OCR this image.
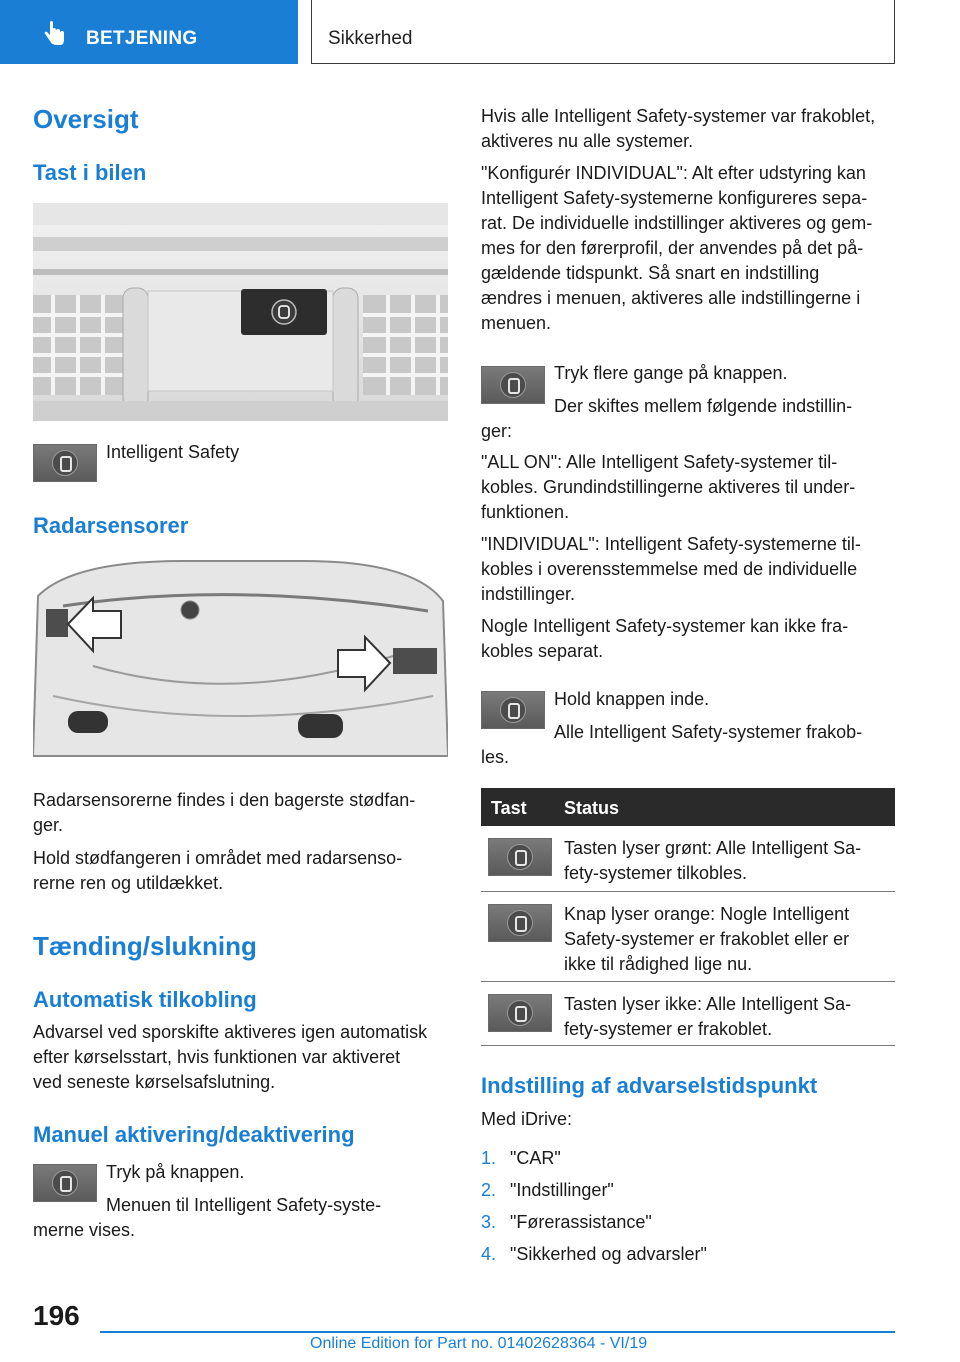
BETJENING	Sikkerhed
Oversigt
Tast i bilen
Intelligent Safety
Radarsensorer
Radarsensorerne findes i den bagerste stødfan-
ger.
Hold stødfangeren i området med radarsenso-
rerne ren og utildækket.
Tænding/slukning
Automatisk tilkobling
Advarsel ved sporskifte aktiveres igen automatisk
efter kørselsstart, hvis funktionen var aktiveret
ved seneste kørselsafslutning.
Manuel aktivering/deaktivering
Tryk på knappen.
Menuen til Intelligent Safety-syste-
merne vises.
Hvis alle Intelligent Safety-systemer var frakoblet,
aktiveres nu alle systemer.
"Konfigurér INDIVIDUAL": Alt efter udstyring kan
Intelligent Safety-systemerne konfigureres sepa-
rat. De individuelle indstillinger aktiveres og gem-
mes for den førerprofil, der anvendes på det på-
gældende tidspunkt. Så snart en indstilling
ændres i menuen, aktiveres alle indstillingerne i
menuen.
Tryk flere gange på knappen.
Der skiftes mellem følgende indstillin-
ger:
"ALL ON": Alle Intelligent Safety-systemer til-
kobles. Grundindstillingerne aktiveres til under-
funktionen.
"INDIVIDUAL": Intelligent Safety-systemerne til-
kobles i overensstemmelse med de individuelle
indstillinger.
Nogle Intelligent Safety-systemer kan ikke fra-
kobles separat.
Hold knappen inde.
Alle Intelligent Safety-systemer frakob-
les.
Tast Status
Tasten lyser grønt: Alle Intelligent Sa-
fety-systemer tilkobles.
Knap lyser orange: Nogle Intelligent
Safety-systemer er frakoblet eller er
ikke til rådighed lige nu.
Tasten lyser ikke: Alle Intelligent Sa-
fety-systemer er frakoblet.
Indstilling af advarselstidspunkt
Med iDrive:
1. "CAR"
2. "Indstillinger"
3. "Førerassistance"
4. "Sikkerhed og advarsler"
196
Online Edition for Part no. 01402628364 - VI/19
